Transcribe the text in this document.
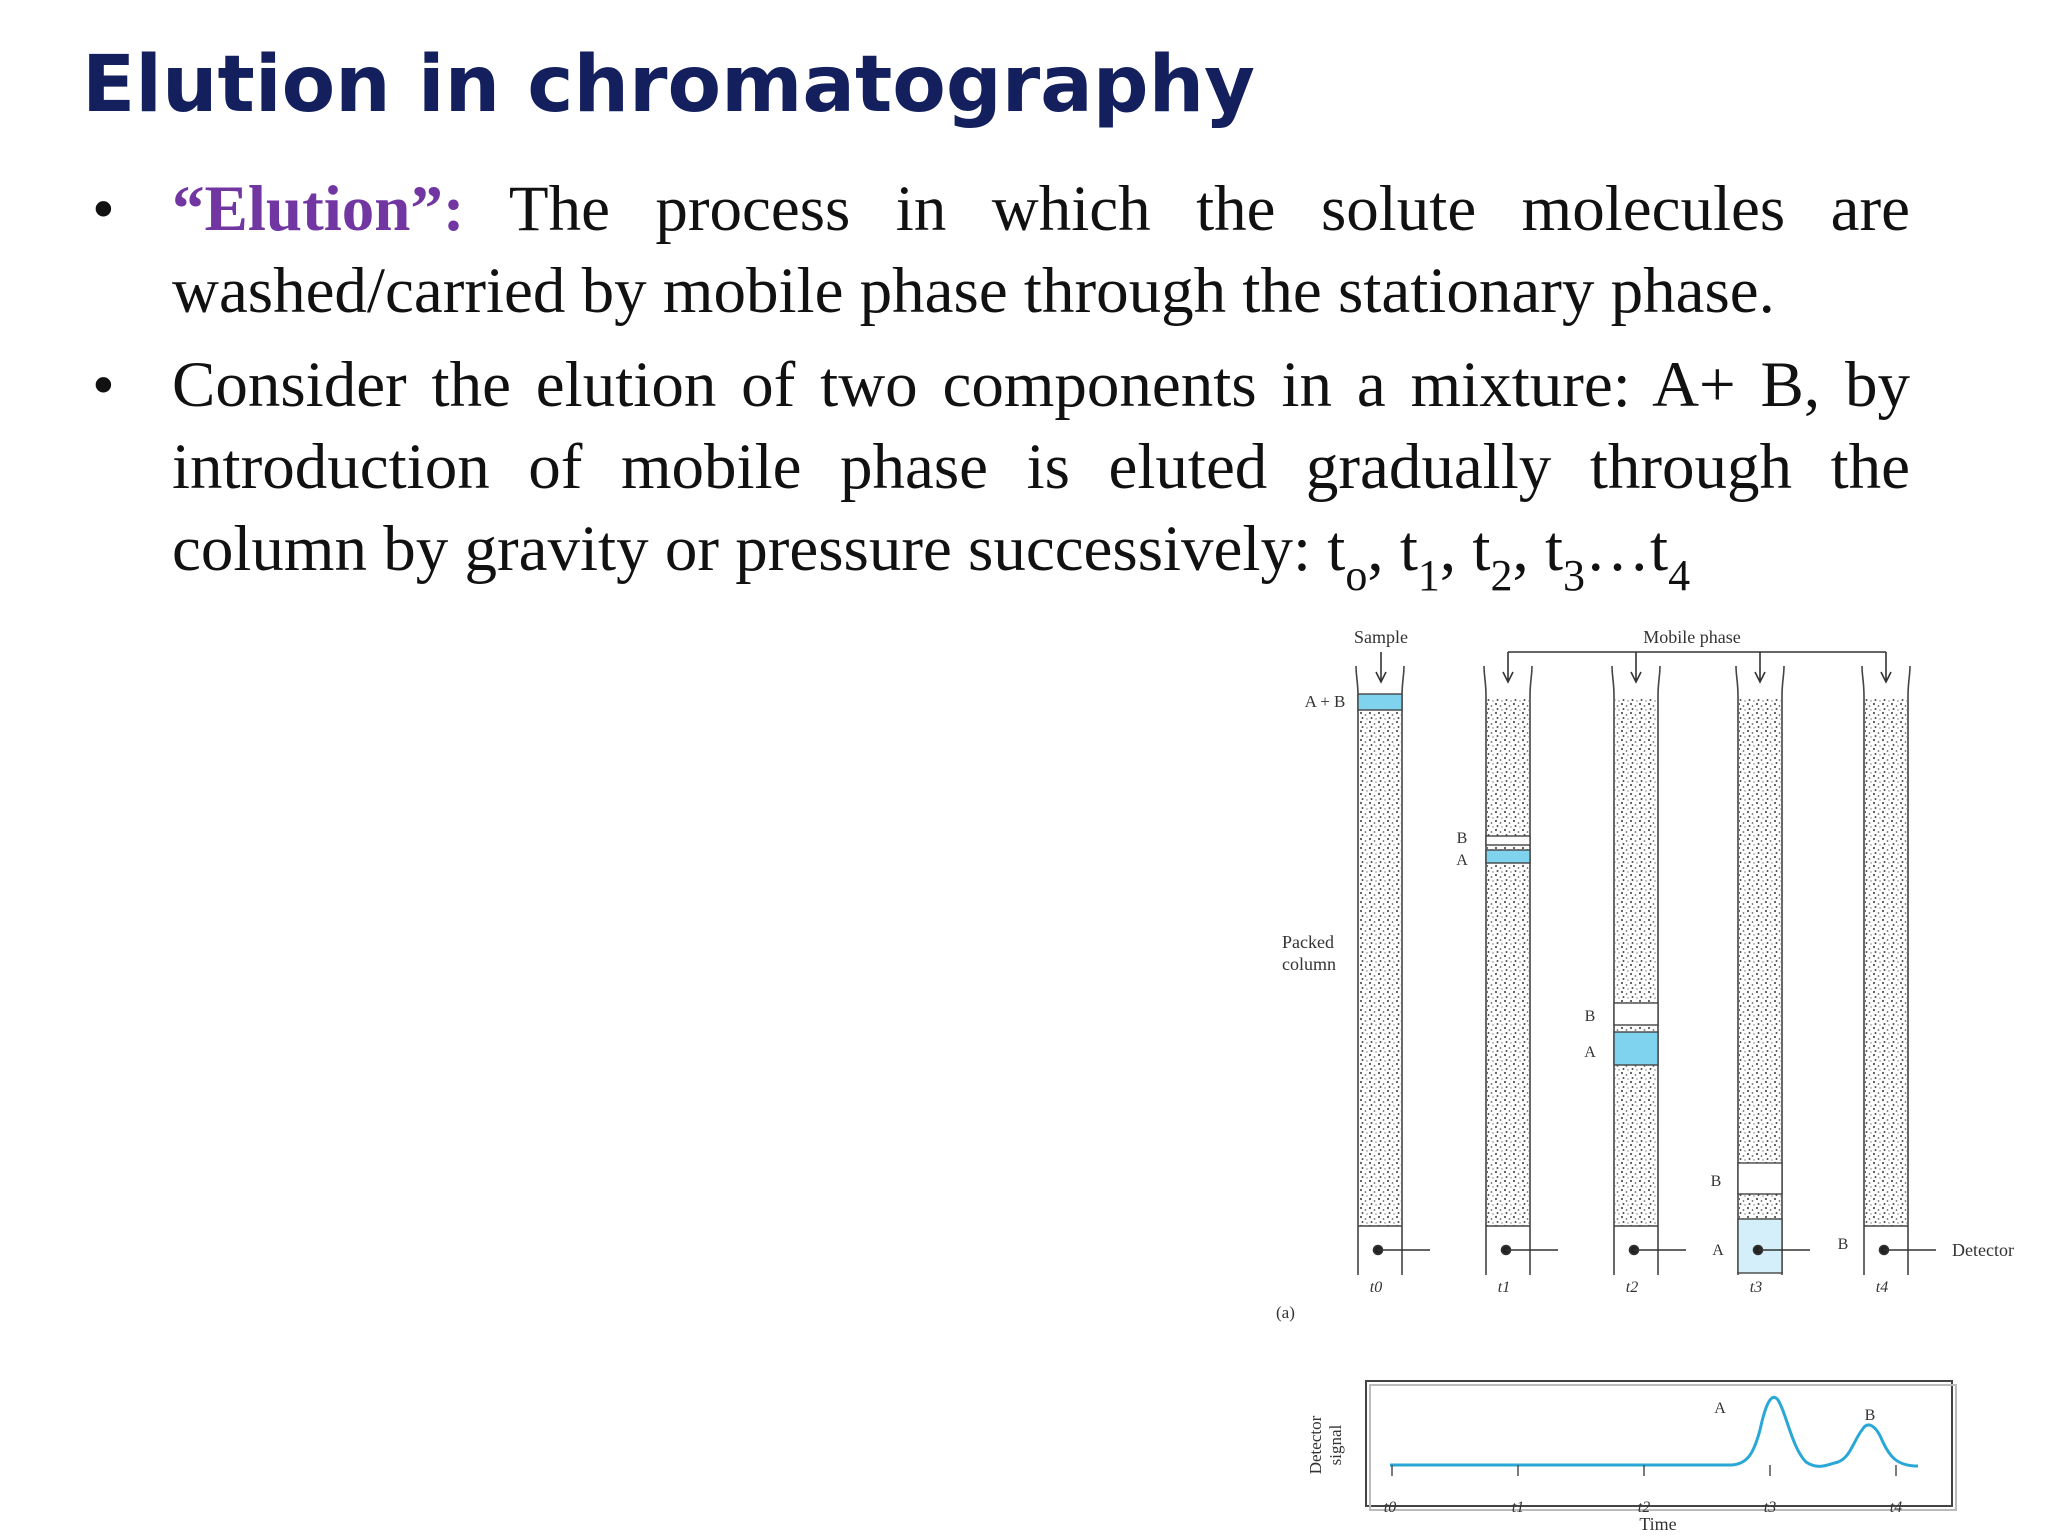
Elution in chromatography
• “Elution”: The process in which the solute molecules are
washed/carried by mobile phase through the stationary phase.
• Consider the elution of two components in a mixture: A+ B, by
introduction of mobile phase is eluted gradually through the
column by gravity or pressure successively: $t_o$, $t_1$, $t_2$, $t_3\dots t_4$
Sample	Mobile phase
A + B
B
A
B
A
B
A	B
Packed
column
Detector
t0	t1	t2	t3	t4
(a)
t0	t1	t2	t3	t4
A	B
Time
Detector signal
